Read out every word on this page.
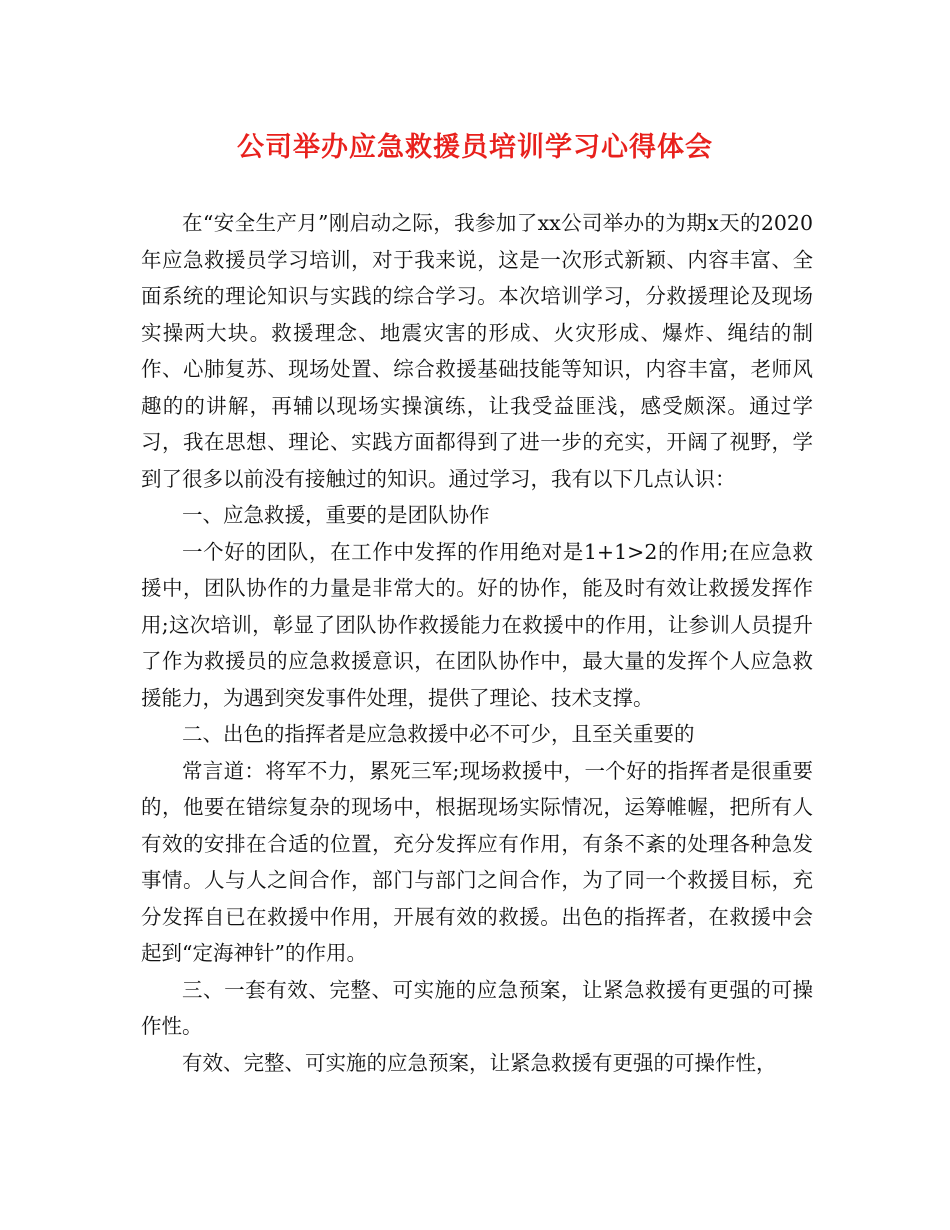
公司举办应急救援员培训学习心得体会

在“安全生产月”刚启动之际，我参加了xx公司举办的为期x天的2020年应急救援员学习培训，对于我来说，这是一次形式新颖、内容丰富、全面系统的理论知识与实践的综合学习。本次培训学习，分救援理论及现场实操两大块。救援理念、地震灾害的形成、火灾形成、爆炸、绳结的制作、心肺复苏、现场处置、综合救援基础技能等知识，内容丰富，老师风趣的的讲解，再辅以现场实操演练，让我受益匪浅，感受颇深。通过学习，我在思想、理论、实践方面都得到了进一步的充实，开阔了视野，学到了很多以前没有接触过的知识。通过学习，我有以下几点认识：

一、应急救援，重要的是团队协作

一个好的团队，在工作中发挥的作用绝对是1+1>2的作用;在应急救援中，团队协作的力量是非常大的。好的协作，能及时有效让救援发挥作用;这次培训，彰显了团队协作救援能力在救援中的作用，让参训人员提升了作为救援员的应急救援意识，在团队协作中，最大量的发挥个人应急救援能力，为遇到突发事件处理，提供了理论、技术支撑。

二、出色的指挥者是应急救援中必不可少，且至关重要的

常言道：将军不力，累死三军;现场救援中，一个好的指挥者是很重要的，他要在错综复杂的现场中，根据现场实际情况，运筹帷幄，把所有人有效的安排在合适的位置，充分发挥应有作用，有条不紊的处理各种急发事情。人与人之间合作，部门与部门之间合作，为了同一个救援目标，充分发挥自已在救援中作用，开展有效的救援。出色的指挥者，在救援中会起到“定海神针”的作用。

三、一套有效、完整、可实施的应急预案，让紧急救援有更强的可操作性。

有效、完整、可实施的应急预案，让紧急救援有更强的可操作性，
